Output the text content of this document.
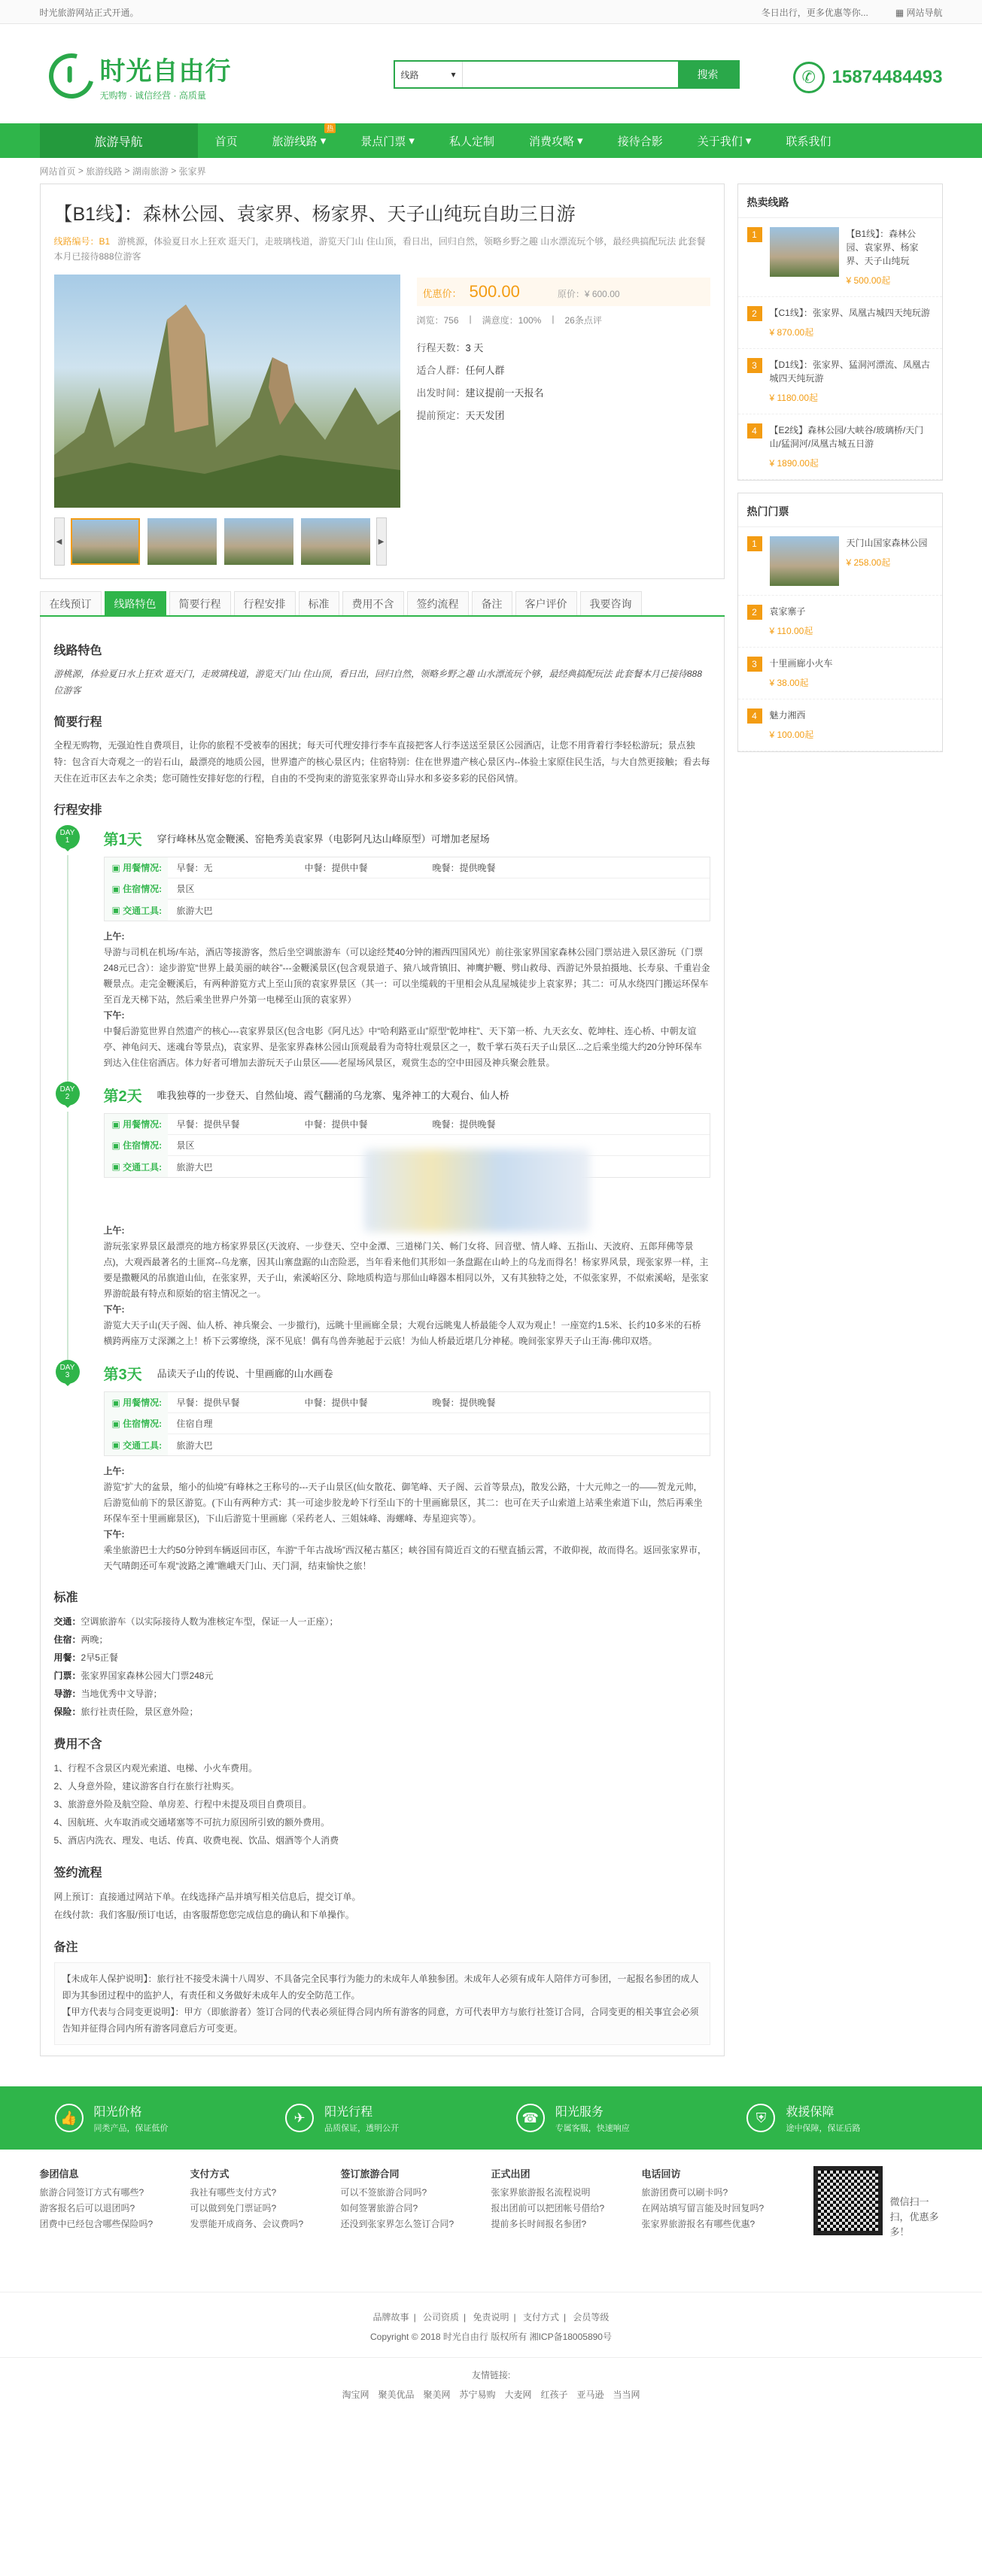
时光旅游网站正式开通。	冬日出行，更多优惠等你...	▦ 网站导航
时光自由行
无购物 · 诚信经营 · 高质量
线路	▾	搜索	✆ 15874484493
旅游导航	首页	旅游线路 ▾
热
景点门票 ▾	私人定制	消费攻略 ▾	接待合影	关于我们 ▾	联系我们
网站首页 > 旅游线路 > 湖南旅游 > 张家界
【B1线】：森林公园、袁家界、杨家界、天子山纯玩自助三日游
线路编号：B1 游桃源，体验夏日水上狂欢 逛天门，走玻璃栈道，游览天门山 住山顶，看日出，回归自然，领略乡野之趣 山水漂流玩个够，最经典搞配玩法 此套餐本月已接待888位游客
◀	▶
优惠价： 500.00	原价：¥ 600.00
浏览：756 | 满意度：100% | 26条点评
行程天数：3 天
适合人群：任何人群
出发时间：建议提前一天报名
提前预定：天天发团
在线预订	线路特色	简要行程	行程安排	标准	费用不含	签约流程	备注	客户评价	我要咨询
线路特色
游桃源，体验夏日水上狂欢 逛天门，走玻璃栈道，游览天门山 住山顶，看日出，回归自然，领略乡野之趣 山水漂流玩个够，最经典搞配玩法 此套餐本月已接待888位游客
简要行程
全程无购物，无强迫性自费项目，让你的旅程不受被奉的困扰；每天可代理安排行李车直接把客人行李送送至景区公园酒店，让您不用背着行李轻松游玩；景点独特：包含百大奇观之一的岩石山，最漂亮的地质公园，世界遗产的核心景区内；住宿特别：住在世界遗产核心景区内--体验土家原住民生活，与大自然更接触；看去每天住在近市区去车之余类；您可随性安排好您的行程，自由的不受拘束的游览张家界奇山异水和多姿多彩的民俗风情。
行程安排
DAY
1 第1天 穿行峰林丛宽金鞭溪、窑艳秀美袁家界（电影阿凡达山峰原型）可增加老屋场
▣ 用餐情况: 早餐：无	中餐：提供中餐	晚餐：提供晚餐
▣ 住宿情况:	景区
▣ 交通工具:	旅游大巴
上午:
导游与司机在机场/车站，酒店等接游客，然后坐空调旅游车（可以途经梵40分钟的湘西四国风光）前往张家界国家森林公园门票站进入景区游玩（门票248元已含）：途步游览“世界上最美丽的峡谷”---金鞭溪景区(包含观景道子、猿八域背镇旧、神鹰护鞭、劈山救母、西游记外景拍摄地、长寿泉、千重岩金鞭景点。走完金鞭溪后，有两种游览方式上至山顶的袁家界景区（其一：可以坐缆载的干里相会从乱屋城徒步上袁家界；其二：可从水绕四门搬运环保车至百龙天梯下站，然后乘坐世界户外第一电梯至山顶的袁家界）
下午:
中餐后游览世界自然遗产的核心---袁家界景区(包含电影《阿凡达》中“哈利路亚山”原型“乾坤柱”、天下第一桥、九天玄女、乾坤柱、连心桥、中朝友谊亭、神龟问天、迷魂台等景点)，袁家界、是张家界森林公园山顶观最看为奇特壮观景区之一，数千掌石英石天子山景区...之后乘坐缆大约20分钟环保车到达入住住宿酒店。体力好者可增加去游玩天子山景区——老屋场风景区，观赏生态的空中田园及神兵聚会胜景。
DAY
2 第2天 唯我独尊的一步登天、自然仙境、霞气翻涌的乌龙寨、鬼斧神工的大观台、仙人桥
▣ 用餐情况: 早餐：提供早餐	中餐：提供中餐	晚餐：提供晚餐
▣ 住宿情况:	景区
▣ 交通工具:	旅游大巴
上午:
游玩张家界景区最漂亮的地方杨家界景区(天波府、一步登天、空中金潭、三道梯门关、畅门女将、回音壁、情人峰、五指山、天波府、五郎拜佛等景点)，大观西最著名的土匪窝--乌龙寨，因其山寨盘踞的山峦险恶，当年看来他们其形如一条盘踞在山岭上的乌龙而得名！杨家界风景，现张家界一样，主要是撒鞭风的吊旗道山仙，在张家界，天子山，索溪峪区分、除地质构造与那仙山峰器本相同以外，又有其独特之处，不似张家界，不似索溪峪，是张家界游皖最有特点和原始的宿主情况之一。
下午:
游览大天子山(天子阁、仙人桥、神兵聚会、一步撤行)，远眺十里画廊全景；大观台远眺鬼人桥最能令人双为观止！一座宽约1.5米、长约10多米的石桥横跨两座万丈深渊之上！桥下云雾缭绕，深不见底！偶有鸟兽奔驰起于云底！为仙人桥最近堪几分神秘。晚间张家界天子山王海·佛印双塔。
DAY
3 第3天 品读天子山的传说、十里画廊的山水画卷
▣ 用餐情况: 早餐：提供早餐	中餐：提供中餐	晚餐：提供晚餐
▣ 住宿情况:	住宿自理
▣ 交通工具:	旅游大巴
上午:
游览“扩大的盆景，缩小的仙境”有峰林之王称号的---天子山景区(仙女散花、御笔峰、天子阁、云首等景点)，散发公路，十大元帅之一的——贺龙元帅，后游览仙前下的景区游览。(下山有两种方式：其一可途步胶龙岭下行至山下的十里画廊景区，其二：也可在天子山索道上站乘坐索道下山，然后再乘坐环保车至十里画廊景区)，下山后游览十里画廊（采药老人、三姐妹峰、海螺峰、寿星迎宾等）。
下午:
乘坐旅游巴士大约50分钟到车辆返回市区，车游“千年古战场”西汉秘古墓区；峡谷国有简近百文的石壁直插云霄，不敢仰视，故而得名。返回张家界市，天气晴朗还可车观“波路之滩”瞧峨天门山、天门洞，结束愉快之旅！
标准
交通：空调旅游车（以实际接待人数为准核定车型，保证一人一正座）；
住宿：两晚；
用餐：2早5正餐
门票：张家界国家森林公园大门票248元
导游：当地优秀中文导游；
保险：旅行社责任险，景区意外险；
费用不含
1、行程不含景区内观光索道、电梯、小火车费用。
2、人身意外险，建议游客自行在旅行社购买。
3、旅游意外险及航空险、单房差、行程中未提及项目自费项目。
4、因航班、火车取消或交通堵塞等不可抗力原因所引致的额外费用。
5、酒店内洗衣、理发、电话、传真、收费电视、饮品、烟酒等个人消费
签约流程
网上预订：直接通过网站下单。在线选择产品并填写相关信息后，提交订单。
在线付款：我们客服/预订电话，由客服帮您您完成信息的确认和下单操作。
备注
【未成年人保护说明】：旅行社不接受未满十八周岁、不具备完全民事行为能力的未成年人单独参团。未成年人必须有成年人陪伴方可参团，一起报名参团的成人即为其参团过程中的监护人，有责任和义务做好未成年人的安全防范工作。
【甲方代表与合同变更说明】：甲方（即旅游者）签订合同的代表必须征得合同内所有游客的同意，方可代表甲方与旅行社签订合同，合同变更的相关事宜会必须告知并征得合同内所有游客同意后方可变更。
热卖线路
1	【B1线】：森林公园、袁家界、杨家界、天子山纯玩
¥ 500.00起
2	【C1线】：张家界、凤凰古城四天纯玩游
¥ 870.00起
3	【D1线】：张家界、猛洞河漂流、凤凰古城四天纯玩游
¥ 1180.00起
4	【E2线】森林公园/大峡谷/玻璃桥/天门山/猛洞河/凤凰古城五日游
¥ 1890.00起
热门门票
1	天门山国家森林公园
¥ 258.00起
2	袁家寨子
¥ 110.00起
3	十里画廊小火车
¥ 38.00起
4	魅力湘西
¥ 100.00起
👍	阳光价格
同类产品，保证低价
✈	阳光行程
品质保证，透明公开
☎	阳光服务
专属客服，快速响应
⛨	救援保障
途中保障，保证后路
参团信息
旅游合同签订方式有哪些?
游客报名后可以退团吗?
团费中已经包含哪些保险吗?
支付方式
我社有哪些支付方式?
可以做到免门票证吗?
发票能开成商务、会议费吗?
签订旅游合同
可以不签旅游合同吗?
如何签署旅游合同?
还没到张家界怎么签订合同?
正式出团
张家界旅游报名流程说明
报出团前可以把团帐号借给?
提前多长时间报名参团?
电话回访
旅游团费可以刷卡吗?
在网站填写留言能及时回复吗?
张家界旅游报名有哪些优惠?
微信扫一扫，优惠多多！
品牌故事 | 公司资质 | 免责说明 | 支付方式 | 会员等级
Copyright © 2018 时光自由行 版权所有 湘ICP备18005890号
友情链接:
淘宝网 聚美优品 聚美网 苏宁易购 大麦网 红孩子 亚马逊 当当网
